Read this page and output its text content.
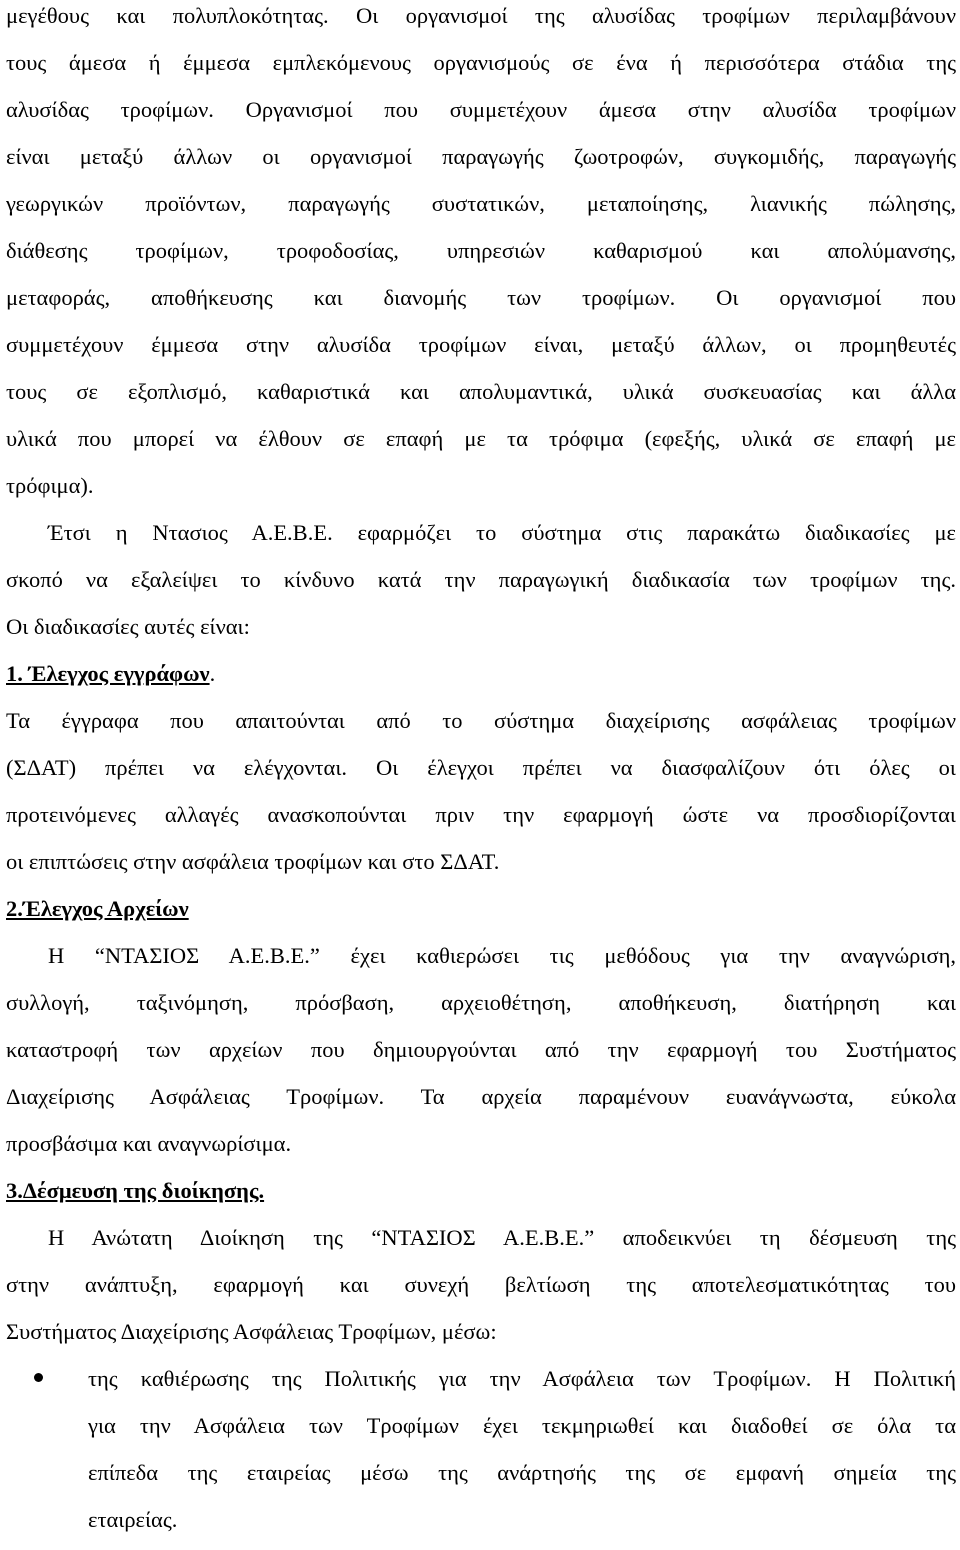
μεγέθους και πολυπλοκότητας. Οι οργανισμοί της αλυσίδας τροφίμων περιλαμβάνουν
τους άμεσα ή έμμεσα εμπλεκόμενους οργανισμούς σε ένα ή περισσότερα στάδια της
αλυσίδας τροφίμων. Οργανισμοί που συμμετέχουν άμεσα στην αλυσίδα τροφίμων
είναι μεταξύ άλλων οι οργανισμοί παραγωγής ζωοτροφών, συγκομιδής, παραγωγής
γεωργικών προϊόντων, παραγωγής συστατικών, μεταποίησης, λιανικής πώλησης,
διάθεσης τροφίμων, τροφοδοσίας, υπηρεσιών καθαρισμού και απολύμανσης,
μεταφοράς, αποθήκευσης και διανομής των τροφίμων. Οι οργανισμοί που
συμμετέχουν έμμεσα στην αλυσίδα τροφίμων είναι, μεταξύ άλλων, οι προμηθευτές
τους σε εξοπλισμό, καθαριστικά και απολυμαντικά, υλικά συσκευασίας και άλλα
υλικά που μπορεί να έλθουν σε επαφή με τα τρόφιμα (εφεξής, υλικά σε επαφή με
τρόφιμα).
Έτσι η Ντασιος Α.Ε.Β.Ε. εφαρμόζει το σύστημα στις παρακάτω διαδικασίες με
σκοπό να εξαλείψει το κίνδυνο κατά την παραγωγική διαδικασία των τροφίμων της.
Οι διαδικασίες αυτές είναι:
1. Έλεγχος εγγράφων.
Τα έγγραφα που απαιτούνται από το σύστημα διαχείρισης ασφάλειας τροφίμων
(ΣΔΑΤ) πρέπει να ελέγχονται. Οι έλεγχοι πρέπει να διασφαλίζουν ότι όλες οι
προτεινόμενες αλλαγές ανασκοπούνται πριν την εφαρμογή ώστε να προσδιορίζονται
οι επιπτώσεις στην ασφάλεια τροφίμων και στο ΣΔΑΤ.
2.Έλεγχος Αρχείων
Η “ΝΤΑΣΙΟΣ Α.Ε.Β.Ε.” έχει καθιερώσει τις μεθόδους για την αναγνώριση,
συλλογή, ταξινόμηση, πρόσβαση, αρχειοθέτηση, αποθήκευση, διατήρηση και
καταστροφή των αρχείων που δημιουργούνται από την εφαρμογή του Συστήματος
Διαχείρισης Ασφάλειας Τροφίμων. Τα αρχεία παραμένουν ευανάγνωστα, εύκολα
προσβάσιμα και αναγνωρίσιμα.
3.Δέσμευση της διοίκησης.
Η Ανώτατη Διοίκηση της “ΝΤΑΣΙΟΣ Α.Ε.Β.Ε.” αποδεικνύει τη δέσμευση της
στην ανάπτυξη, εφαρμογή και συνεχή βελτίωση της αποτελεσματικότητας του
Συστήματος Διαχείρισης Ασφάλειας Τροφίμων, μέσω:
της καθιέρωσης της Πολιτικής για την Ασφάλεια των Τροφίμων. Η Πολιτική
για την Ασφάλεια των Τροφίμων έχει τεκμηριωθεί και διαδοθεί σε όλα τα
επίπεδα της εταιρείας μέσω της ανάρτησής της σε εμφανή σημεία της
εταιρείας.
